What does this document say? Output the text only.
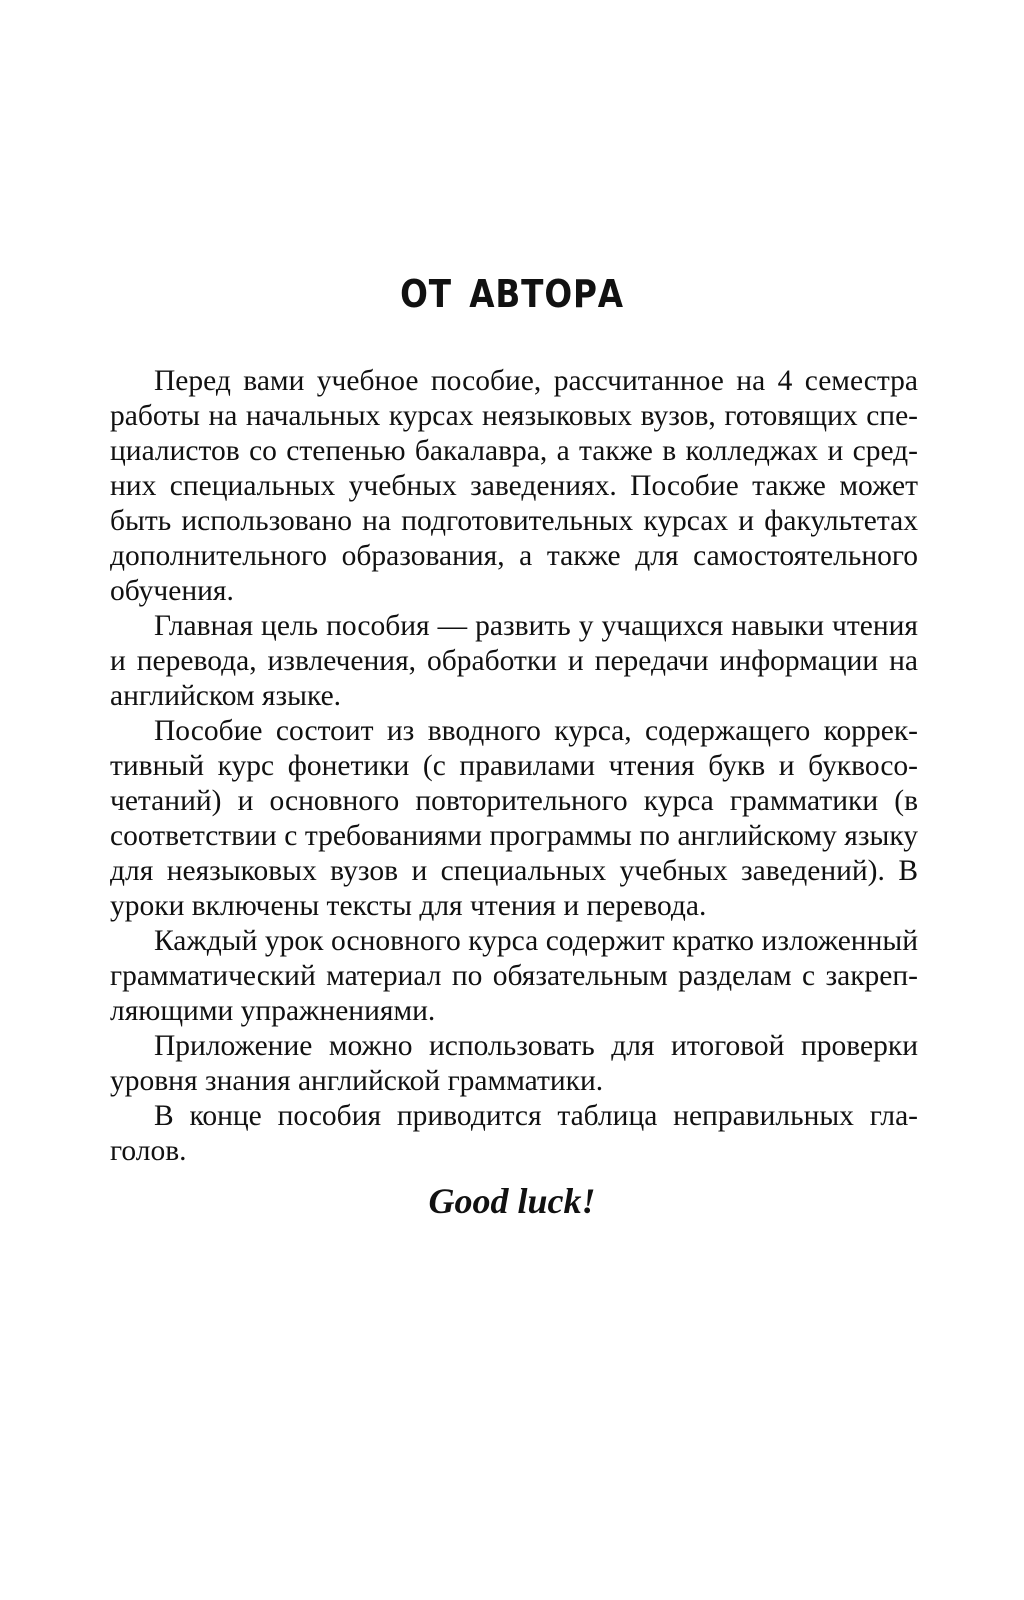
ОТ АВТОРА

Перед вами учебное пособие, рассчитанное на 4 семестра работы на начальных курсах неязыковых вузов, готовящих специалистов со степенью бакалавра, а также в колледжах и средних специальных учебных заведениях. Пособие также может быть использовано на подготовительных курсах и факультетах дополнительного образования, а также для самостоятельного обучения.

Главная цель пособия — развить у учащихся навыки чтения и перевода, извлечения, обработки и передачи информации на английском языке.

Пособие состоит из вводного курса, содержащего коррективный курс фонетики (с правилами чтения букв и буквосочетаний) и основного повторительного курса грамматики (в соответствии с требованиями программы по английскому языку для неязыковых вузов и специальных учебных заведений). В уроки включены тексты для чтения и перевода.

Каждый урок основного курса содержит кратко изложенный грамматический материал по обязательным разделам с закрепляющими упражнениями.

Приложение можно использовать для итоговой проверки уровня знания английской грамматики.

В конце пособия приводится таблица неправильных глаголов.

Good luck!
